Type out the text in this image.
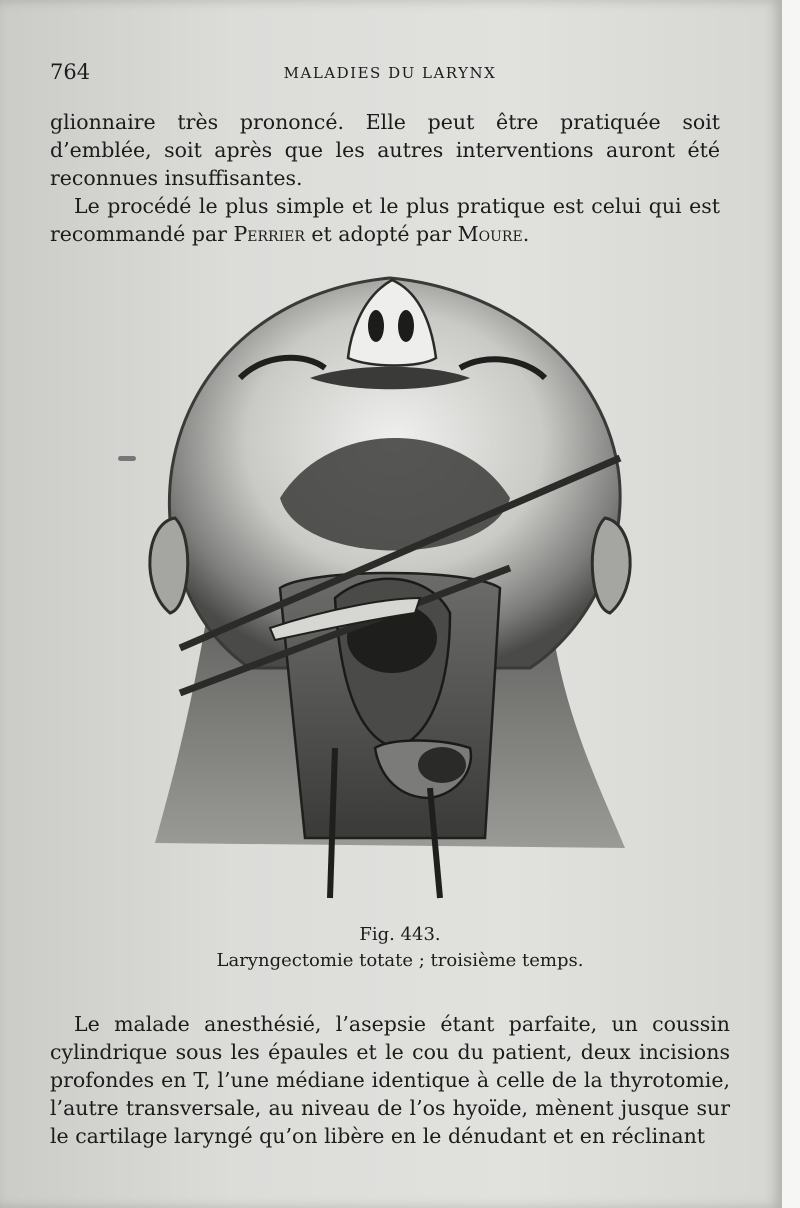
764	MALADIES DU LARYNX

glionnaire très prononcé. Elle peut être pratiquée soit d’emblée, soit après que les autres interventions auront été reconnues insuffisantes.

Le procédé le plus simple et le plus pratique est celui qui est recommandé par Perrier et adopté par Moure.

Fig. 443.
Laryngectomie totate ; troisième temps.

Le malade anesthésié, l’asepsie étant parfaite, un coussin cylindrique sous les épaules et le cou du patient, deux incisions profondes en T, l’une médiane identique à celle de la thyrotomie, l’autre transversale, au niveau de l’os hyoïde, mènent jusque sur le cartilage laryngé qu’on libère en le dénudant et en réclinant
